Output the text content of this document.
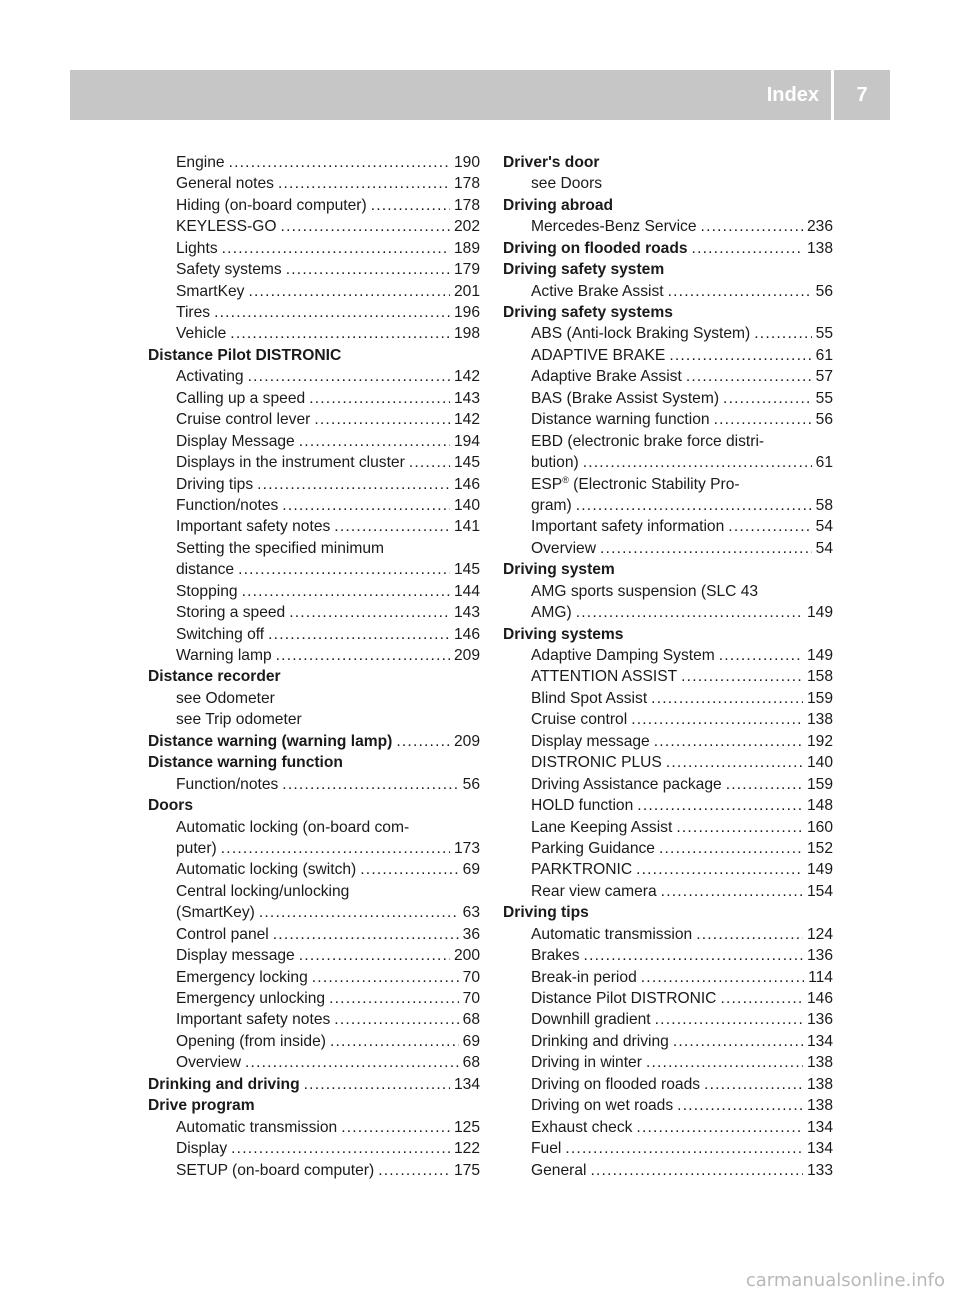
Index	7
Engine .....	190
General notes .....	178
Hiding (on-board computer) .....	178
KEYLESS-GO .....	202
Lights .....	189
Safety systems .....	179
SmartKey .....	201
Tires .....	196
Vehicle .....	198
Distance Pilot DISTRONIC
Activating .....	142
Calling up a speed .....	143
Cruise control lever .....	142
Display Message .....	194
Displays in the instrument cluster .....	145
Driving tips .....	146
Function/notes .....	140
Important safety notes .....	141
Setting the specified minimum
distance .....	145
Stopping .....	144
Storing a speed .....	143
Switching off .....	146
Warning lamp .....	209
Distance recorder
see Odometer
see Trip odometer
Distance warning (warning lamp) .....	209
Distance warning function
Function/notes .....	56
Doors
Automatic locking (on-board com-
puter) .....	173
Automatic locking (switch) .....	69
Central locking/unlocking
(SmartKey) .....	63
Control panel .....	36
Display message .....	200
Emergency locking .....	70
Emergency unlocking .....	70
Important safety notes .....	68
Opening (from inside) .....	69
Overview .....	68
Drinking and driving .....	134
Drive program
Automatic transmission .....	125
Display .....	122
SETUP (on-board computer) .....	175
Driver's door
see Doors
Driving abroad
Mercedes-Benz Service .....	236
Driving on flooded roads .....	138
Driving safety system
Active Brake Assist .....	56
Driving safety systems
ABS (Anti-lock Braking System) .....	55
ADAPTIVE BRAKE .....	61
Adaptive Brake Assist .....	57
BAS (Brake Assist System) .....	55
Distance warning function .....	56
EBD (electronic brake force distri-
bution) .....	61
ESP® (Electronic Stability Pro-
gram) .....	58
Important safety information .....	54
Overview .....	54
Driving system
AMG sports suspension (SLC 43
AMG) .....	149
Driving systems
Adaptive Damping System .....	149
ATTENTION ASSIST .....	158
Blind Spot Assist .....	159
Cruise control .....	138
Display message .....	192
DISTRONIC PLUS .....	140
Driving Assistance package .....	159
HOLD function .....	148
Lane Keeping Assist .....	160
Parking Guidance .....	152
PARKTRONIC .....	149
Rear view camera .....	154
Driving tips
Automatic transmission .....	124
Brakes .....	136
Break-in period .....	114
Distance Pilot DISTRONIC .....	146
Downhill gradient .....	136
Drinking and driving .....	134
Driving in winter .....	138
Driving on flooded roads .....	138
Driving on wet roads .....	138
Exhaust check .....	134
Fuel .....	134
General .....	133
carmanualsonline.info
